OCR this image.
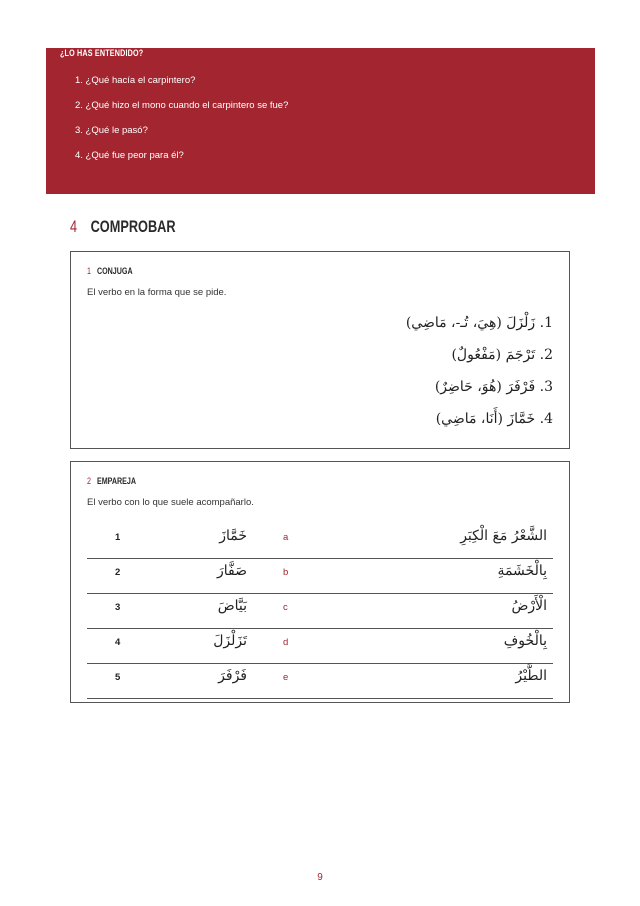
¿LO HAS ENTENDIDO?
1. ¿Qué hacía el carpintero?
2. ¿Qué hizo el mono cuando el carpintero se fue?
3. ¿Qué le pasó?
4. ¿Qué fue peor para él?
4 COMPROBAR
1 CONJUGA
El verbo en la forma que se pide.
1. زَلْزَلَ (هِيَ، تُـ-، مَاضِي)
2. تَرْجَمَ (مَفْعُولٌ)
3. فَرْفَرَ (هُوَ، حَاضِرٌ)
4. خَمَّازَ (أَنَا، مَاضِي)
2 EMPAREJA
El verbo con lo que suele acompañarlo.
1	خَمَّازَ	a	الشَّعْرُ مَعَ الْكِبَرِ
2	صَفَّارَ	b	بِالْخَشَمَةِ
3	بَيَّاضَ	c	الْأَرْضُ
4	تَزَلْزَلَ	d	بِالْخُوفِ
5	فَرْفَرَ	e	الطَّيْرُ
9
